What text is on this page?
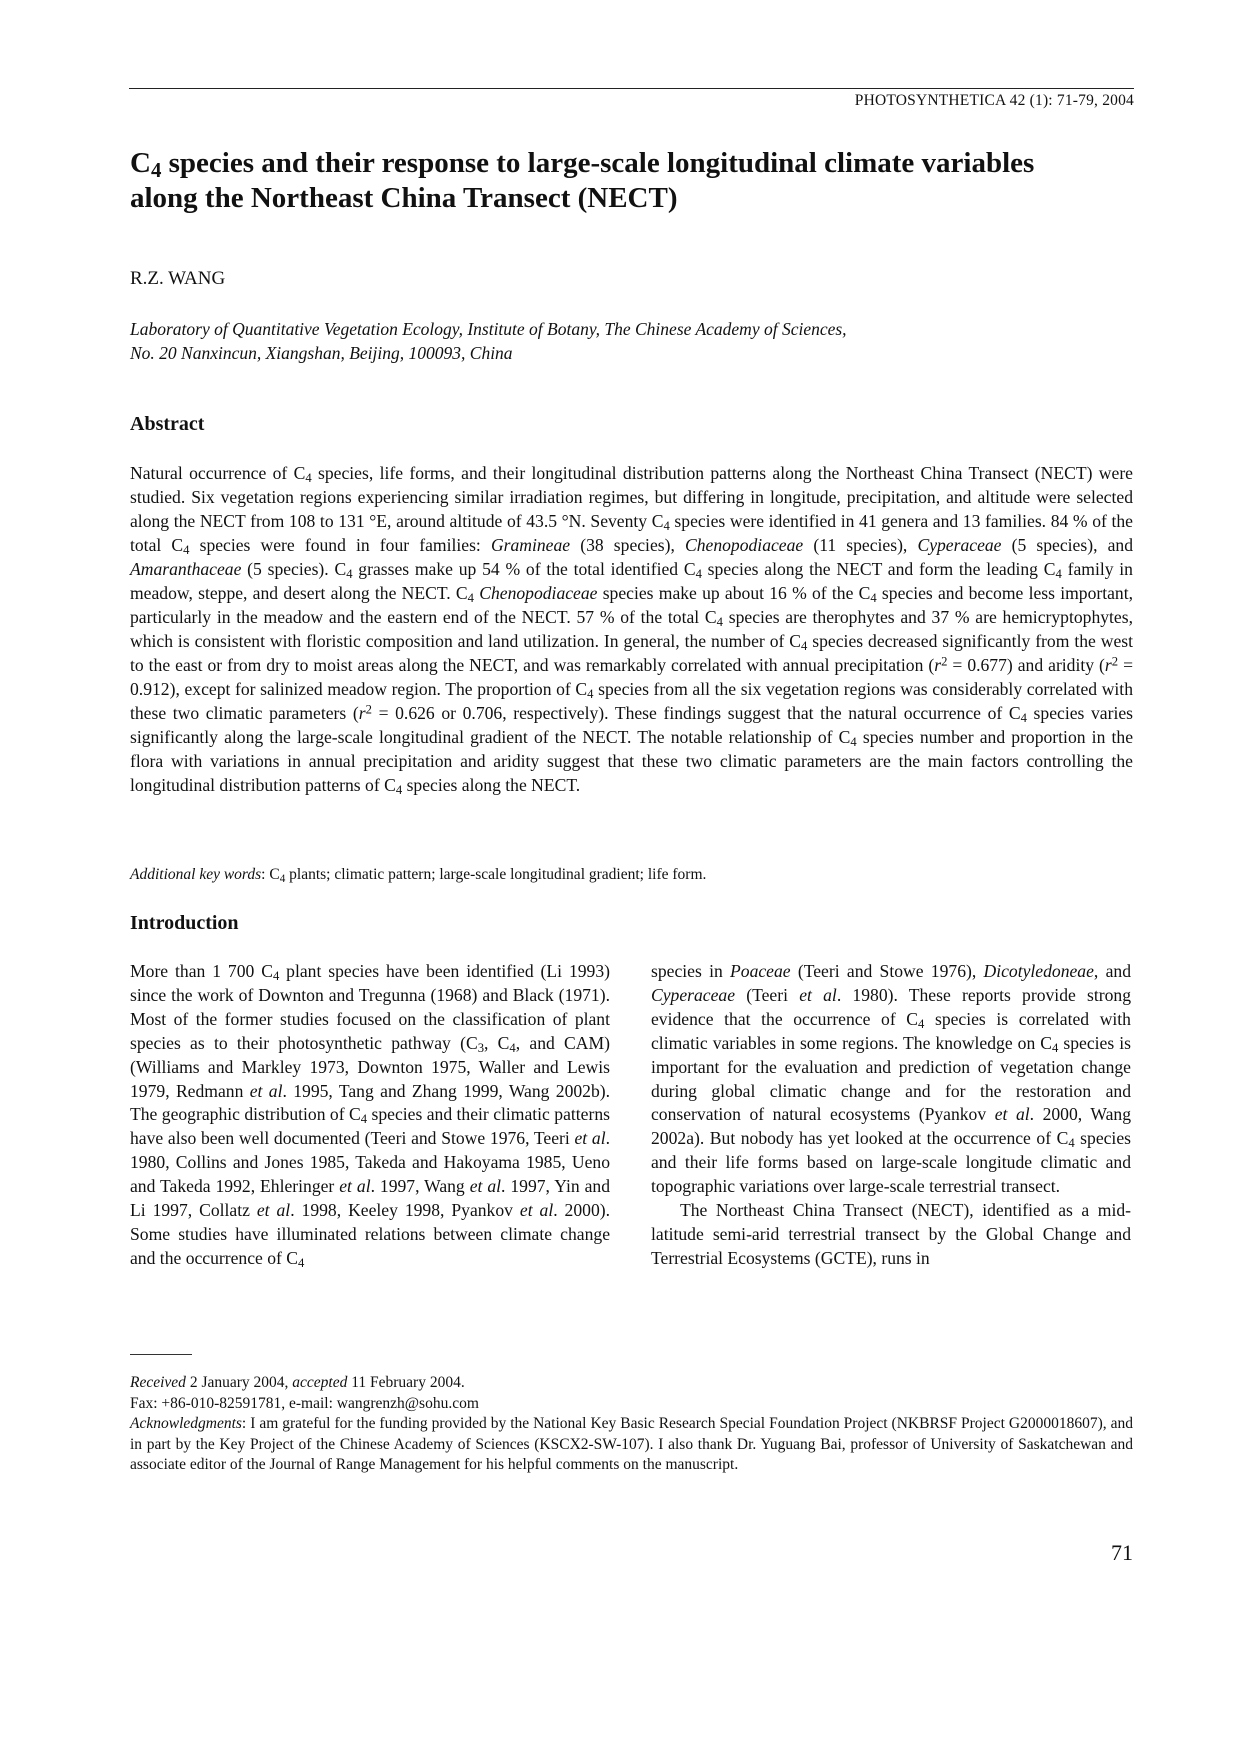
PHOTOSYNTHETICA 42 (1): 71-79, 2004
$C_4$ species and their response to large-scale longitudinal climate variables
along the Northeast China Transect (NECT)
R.Z. WANG
Laboratory of Quantitative Vegetation Ecology, Institute of Botany, The Chinese Academy of Sciences,
No. 20 Nanxincun, Xiangshan, Beijing, 100093, China
Abstract

Natural occurrence of $C_4$ species, life forms, and their longitudinal distribution patterns along the Northeast China Transect (NECT) were studied. Six vegetation regions experiencing similar irradiation regimes, but differing in longitude, precipitation, and altitude were selected along the NECT from 108 to 131 °E, around altitude of 43.5 °N. Seventy $C_4$ species were identified in 41 genera and 13 families. 84 % of the total $C_4$ species were found in four families: Gramineae (38 species), Chenopodiaceae (11 species), Cyperaceae (5 species), and Amaranthaceae (5 species). $C_4$ grasses make up 54 % of the total identified $C_4$ species along the NECT and form the leading $C_4$ family in meadow, steppe, and desert along the NECT. $C_4$ Chenopodiaceae species make up about 16 % of the $C_4$ species and become less important, particularly in the meadow and the eastern end of the NECT. 57 % of the total $C_4$ species are therophytes and 37 % are hemicryptophytes, which is consistent with floristic composition and land utilization. In general, the number of $C_4$ species decreased significantly from the west to the east or from dry to moist areas along the NECT, and was remarkably correlated with annual precipitation $(r^2 = 0.677)$ and aridity $(r^2 = 0.912)$, except for salinized meadow region. The proportion of $C_4$ species from all the six vegetation regions was considerably correlated with these two climatic parameters ($r^2 = 0.626$ or 0.706, respectively). These findings suggest that the natural occurrence of $C_4$ species varies significantly along the large-scale longitudinal gradient of the NECT. The notable relationship of $C_4$ species number and proportion in the flora with variations in annual precipitation and aridity suggest that these two climatic parameters are the main factors controlling the longitudinal distribution patterns of $C_4$ species along the NECT.

Additional key words: $C_4$ plants; climatic pattern; large-scale longitudinal gradient; life form.
Introduction

More than 1 700 $C_4$ plant species have been identified (Li 1993) since the work of Downton and Tregunna (1968) and Black (1971). Most of the former studies focused on the classification of plant species as to their photosynthetic pathway ($C_3$, $C_4$, and CAM) (Williams and Markley 1973, Downton 1975, Waller and Lewis 1979, Redmann et al. 1995, Tang and Zhang 1999, Wang 2002b). The geographic distribution of $C_4$ species and their climatic patterns have also been well documented (Teeri and Stowe 1976, Teeri et al. 1980, Collins and Jones 1985, Takeda and Hakoyama 1985, Ueno and Takeda 1992, Ehleringer et al. 1997, Wang et al. 1997, Yin and Li 1997, Collatz et al. 1998, Keeley 1998, Pyankov et al. 2000). Some studies have illuminated relations between climate change and the occurrence of $C_4$

species in Poaceae (Teeri and Stowe 1976), Dicotyledoneae, and Cyperaceae (Teeri et al. 1980). These reports provide strong evidence that the occurrence of $C_4$ species is correlated with climatic variables in some regions. The knowledge on $C_4$ species is important for the evaluation and prediction of vegetation change during global climatic change and for the restoration and conservation of natural ecosystems (Pyankov et al. 2000, Wang 2002a). But nobody has yet looked at the occurrence of $C_4$ species and their life forms based on large-scale longitude climatic and topographic variations over large-scale terrestrial transect.

The Northeast China Transect (NECT), identified as a mid-latitude semi-arid terrestrial transect by the Global Change and Terrestrial Ecosystems (GCTE), runs in

Received 2 January 2004, accepted 11 February 2004.
Fax: +86-010-82591781, e-mail: wangrenzh@sohu.com
Acknowledgments: I am grateful for the funding provided by the National Key Basic Research Special Foundation Project (NKBRSF Project G2000018607), and in part by the Key Project of the Chinese Academy of Sciences (KSCX2-SW-107). I also thank Dr. Yuguang Bai, professor of University of Saskatchewan and associate editor of the Journal of Range Management for his helpful comments on the manuscript.
71
